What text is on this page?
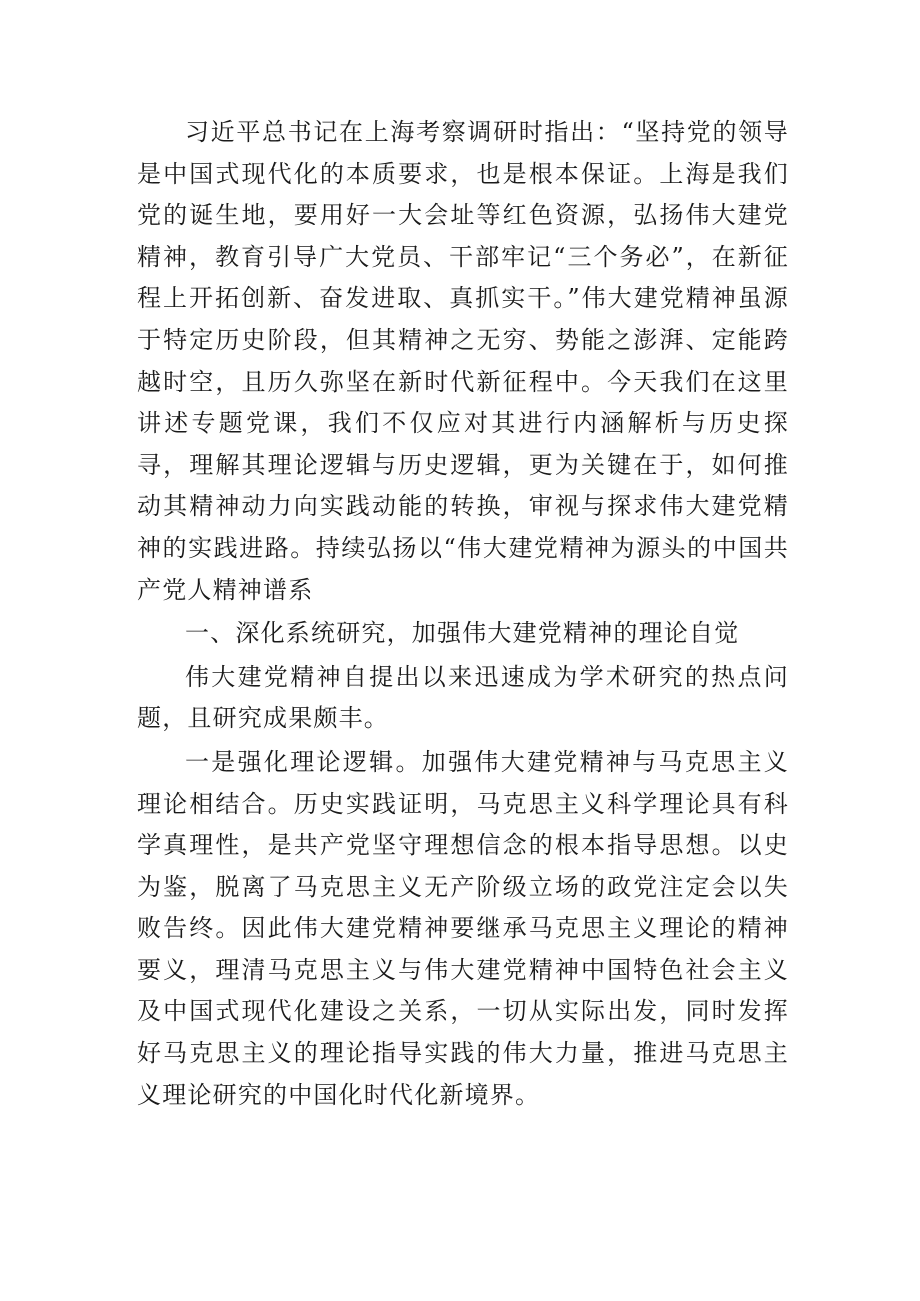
习近平总书记在上海考察调研时指出：“坚持党的领导是中国式现代化的本质要求，也是根本保证。上海是我们党的诞生地，要用好一大会址等红色资源，弘扬伟大建党精神，教育引导广大党员、干部牢记“三个务必”，在新征程上开拓创新、奋发进取、真抓实干。”伟大建党精神虽源于特定历史阶段，但其精神之无穷、势能之澎湃、定能跨越时空，且历久弥坚在新时代新征程中。今天我们在这里讲述专题党课，我们不仅应对其进行内涵解析与历史探寻，理解其理论逻辑与历史逻辑，更为关键在于，如何推动其精神动力向实践动能的转换，审视与探求伟大建党精神的实践进路。持续弘扬以“伟大建党精神为源头的中国共产党人精神谱系

一、深化系统研究，加强伟大建党精神的理论自觉

伟大建党精神自提出以来迅速成为学术研究的热点问题，且研究成果颇丰。

一是强化理论逻辑。加强伟大建党精神与马克思主义理论相结合。历史实践证明，马克思主义科学理论具有科学真理性，是共产党坚守理想信念的根本指导思想。以史为鉴，脱离了马克思主义无产阶级立场的政党注定会以失败告终。因此伟大建党精神要继承马克思主义理论的精神要义，理清马克思主义与伟大建党精神中国特色社会主义及中国式现代化建设之关系，一切从实际出发，同时发挥好马克思主义的理论指导实践的伟大力量，推进马克思主义理论研究的中国化时代化新境界。
